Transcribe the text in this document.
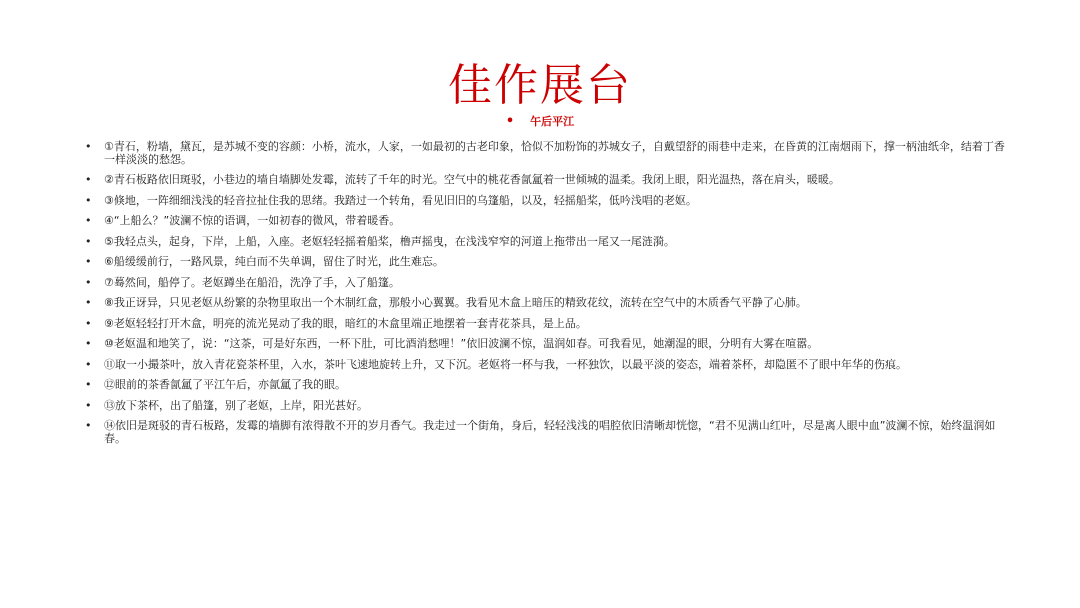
佳作展台
• 午后平江
• ①青石，粉墙，黛瓦，是苏城不变的容颜：小桥，流水，人家，一如最初的古老印象，恰似不加粉饰的苏城女子，自戴望舒的雨巷中走来，在昏黄的江南烟雨下，撑一柄油纸伞，结着丁香一样淡淡的愁怨。
• ②青石板路依旧斑驳，小巷边的墙自墙脚处发霉，流转了千年的时光。空气中的桃花香氤氲着一世倾城的温柔。我闭上眼，阳光温热，落在肩头，暖暖。
• ③倏地，一阵细细浅浅的轻音拉扯住我的思绪。我踏过一个转角，看见旧旧的乌篷船，以及，轻摇船桨，低吟浅唱的老妪。
• ④“上船么？”波澜不惊的语调，一如初春的微风，带着暖香。
• ⑤我轻点头，起身，下岸，上船，入座。老妪轻轻摇着船桨，橹声摇曳，在浅浅窄窄的河道上拖带出一尾又一尾涟漪。
• ⑥船缓缓前行，一路风景，纯白而不失单调，留住了时光，此生难忘。
• ⑦蓦然间，船停了。老妪蹲坐在船沿，洗净了手，入了船篷。
• ⑧我正讶异，只见老妪从纷繁的杂物里取出一个木制红盒，那般小心翼翼。我看见木盒上暗压的精致花纹，流转在空气中的木质香气平静了心肺。
• ⑨老妪轻轻打开木盒，明亮的流光晃动了我的眼，暗红的木盒里端正地摆着一套青花茶具，是上品。
• ⑩老妪温和地笑了，说：“这茶，可是好东西，一杯下肚，可比酒消愁哩！”依旧波澜不惊，温润如春。可我看见，她潮湿的眼，分明有大雾在喧嚣。
• ⑪取一小撮茶叶，放入青花瓷茶杯里，入水，茶叶飞速地旋转上升，又下沉。老妪将一杯与我，一杯独饮，以最平淡的姿态，端着茶杯，却隐匿不了眼中年华的伤痕。
• ⑫眼前的茶香氤氲了平江午后，亦氤氲了我的眼。
• ⑬放下茶杯，出了船篷，别了老妪，上岸，阳光甚好。
• ⑭依旧是斑驳的青石板路，发霉的墙脚有浓得散不开的岁月香气。我走过一个街角，身后，轻轻浅浅的唱腔依旧清晰却恍惚，“君不见满山红叶，尽是离人眼中血”波澜不惊，始终温润如春。
